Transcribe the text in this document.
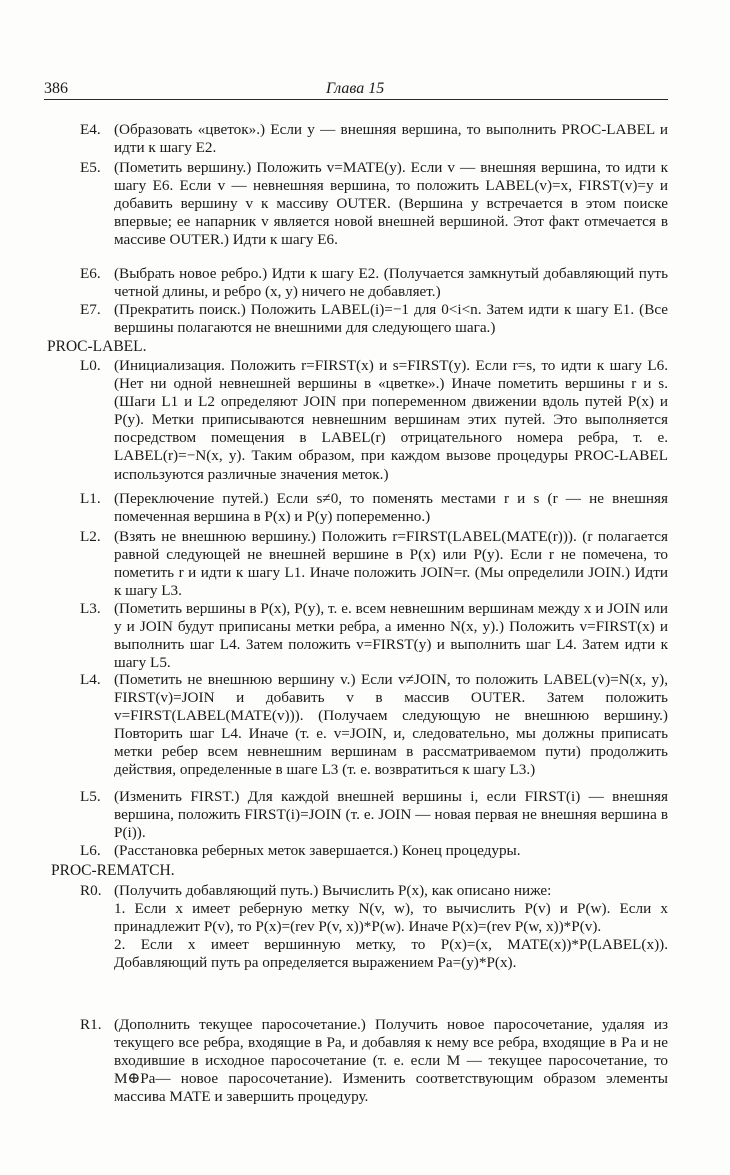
386	Глава 15
E4. (Образовать «цветок».) Если y — внешняя вершина, то выполнить PROC-LABEL и идти к шагу E2.
E5. (Пометить вершину.) Положить v=MATE(y). Если v — внешняя вершина, то идти к шагу E6. Если v — невнешняя вершина, то положить LABEL(v)=x, FIRST(v)=y и добавить вершину v к массиву OUTER. (Вершина y встречается в этом поиске впервые; ее напарник v является новой внешней вершиной. Этот факт отмечается в массиве OUTER.) Идти к шагу E6.
E6. (Выбрать новое ребро.) Идти к шагу E2. (Получается замкнутый добавляющий путь четной длины, и ребро (x, y) ничего не добавляет.)
E7. (Прекратить поиск.) Положить LABEL(i)=−1 для 0<i<n. Затем идти к шагу E1. (Все вершины полагаются не внешними для следующего шага.)
PROC-LABEL.
L0. (Инициализация. Положить r=FIRST(x) и s=FIRST(y). Если r=s, то идти к шагу L6. (Нет ни одной невнешней вершины в «цветке».) Иначе пометить вершины r и s. (Шаги L1 и L2 определяют JOIN при попеременном движении вдоль путей P(x) и P(y). Метки приписываются невнешним вершинам этих путей. Это выполняется посредством помещения в LABEL(r) отрицательного номера ребра, т. е. LABEL(r)=−N(x, y). Таким образом, при каждом вызове процедуры PROC-LABEL используются различные значения меток.)
L1. (Переключение путей.) Если s≠0, то поменять местами r и s (r — не внешняя помеченная вершина в P(x) и P(y) попеременно.)
L2. (Взять не внешнюю вершину.) Положить r=FIRST(LABEL(MATE(r))). (r полагается равной следующей не внешней вершине в P(x) или P(y). Если r не помечена, то пометить r и идти к шагу L1. Иначе положить JOIN=r. (Мы определили JOIN.) Идти к шагу L3.
L3. (Пометить вершины в P(x), P(y), т. е. всем невнешним вершинам между x и JOIN или y и JOIN будут приписаны метки ребра, а именно N(x, y).) Положить v=FIRST(x) и выполнить шаг L4. Затем положить v=FIRST(y) и выполнить шаг L4. Затем идти к шагу L5.
L4. (Пометить не внешнюю вершину v.) Если v≠JOIN, то положить LABEL(v)=N(x, y), FIRST(v)=JOIN и добавить v в массив OUTER. Затем положить v=FIRST(LABEL(MATE(v))). (Получаем следующую не внешнюю вершину.) Повторить шаг L4. Иначе (т. е. v=JOIN, и, следовательно, мы должны приписать метки ребер всем невнешним вершинам в рассматриваемом пути) продолжить действия, определенные в шаге L3 (т. е. возвратиться к шагу L3.)
L5. (Изменить FIRST.) Для каждой внешней вершины i, если FIRST(i) — внешняя вершина, положить FIRST(i)=JOIN (т. е. JOIN — новая первая не внешняя вершина в P(i)).
L6. (Расстановка реберных меток завершается.) Конец процедуры.
PROC-REMATCH.
R0. (Получить добавляющий путь.) Вычислить P(x), как описано ниже:
1. Если x имеет реберную метку N(v, w), то вычислить P(v) и P(w). Если x принадлежит P(v), то P(x)=(rev P(v, x))*P(w). Иначе P(x)=(rev P(w, x))*P(v).
2. Если x имеет вершинную метку, то P(x)=(x, MATE(x))*P(LABEL(x)). Добавляющий путь pa определяется выражением Pa=(y)*P(x).
R1. (Дополнить текущее паросочетание.) Получить новое паросочетание, удаляя из текущего все ребра, входящие в Pa, и добавляя к нему все ребра, входящие в Pa и не входившие в исходное паросочетание (т. е. если M — текущее паросочетание, то M⊕Pa— новое паросочетание). Изменить соответствующим образом элементы массива MATE и завершить процедуру.
